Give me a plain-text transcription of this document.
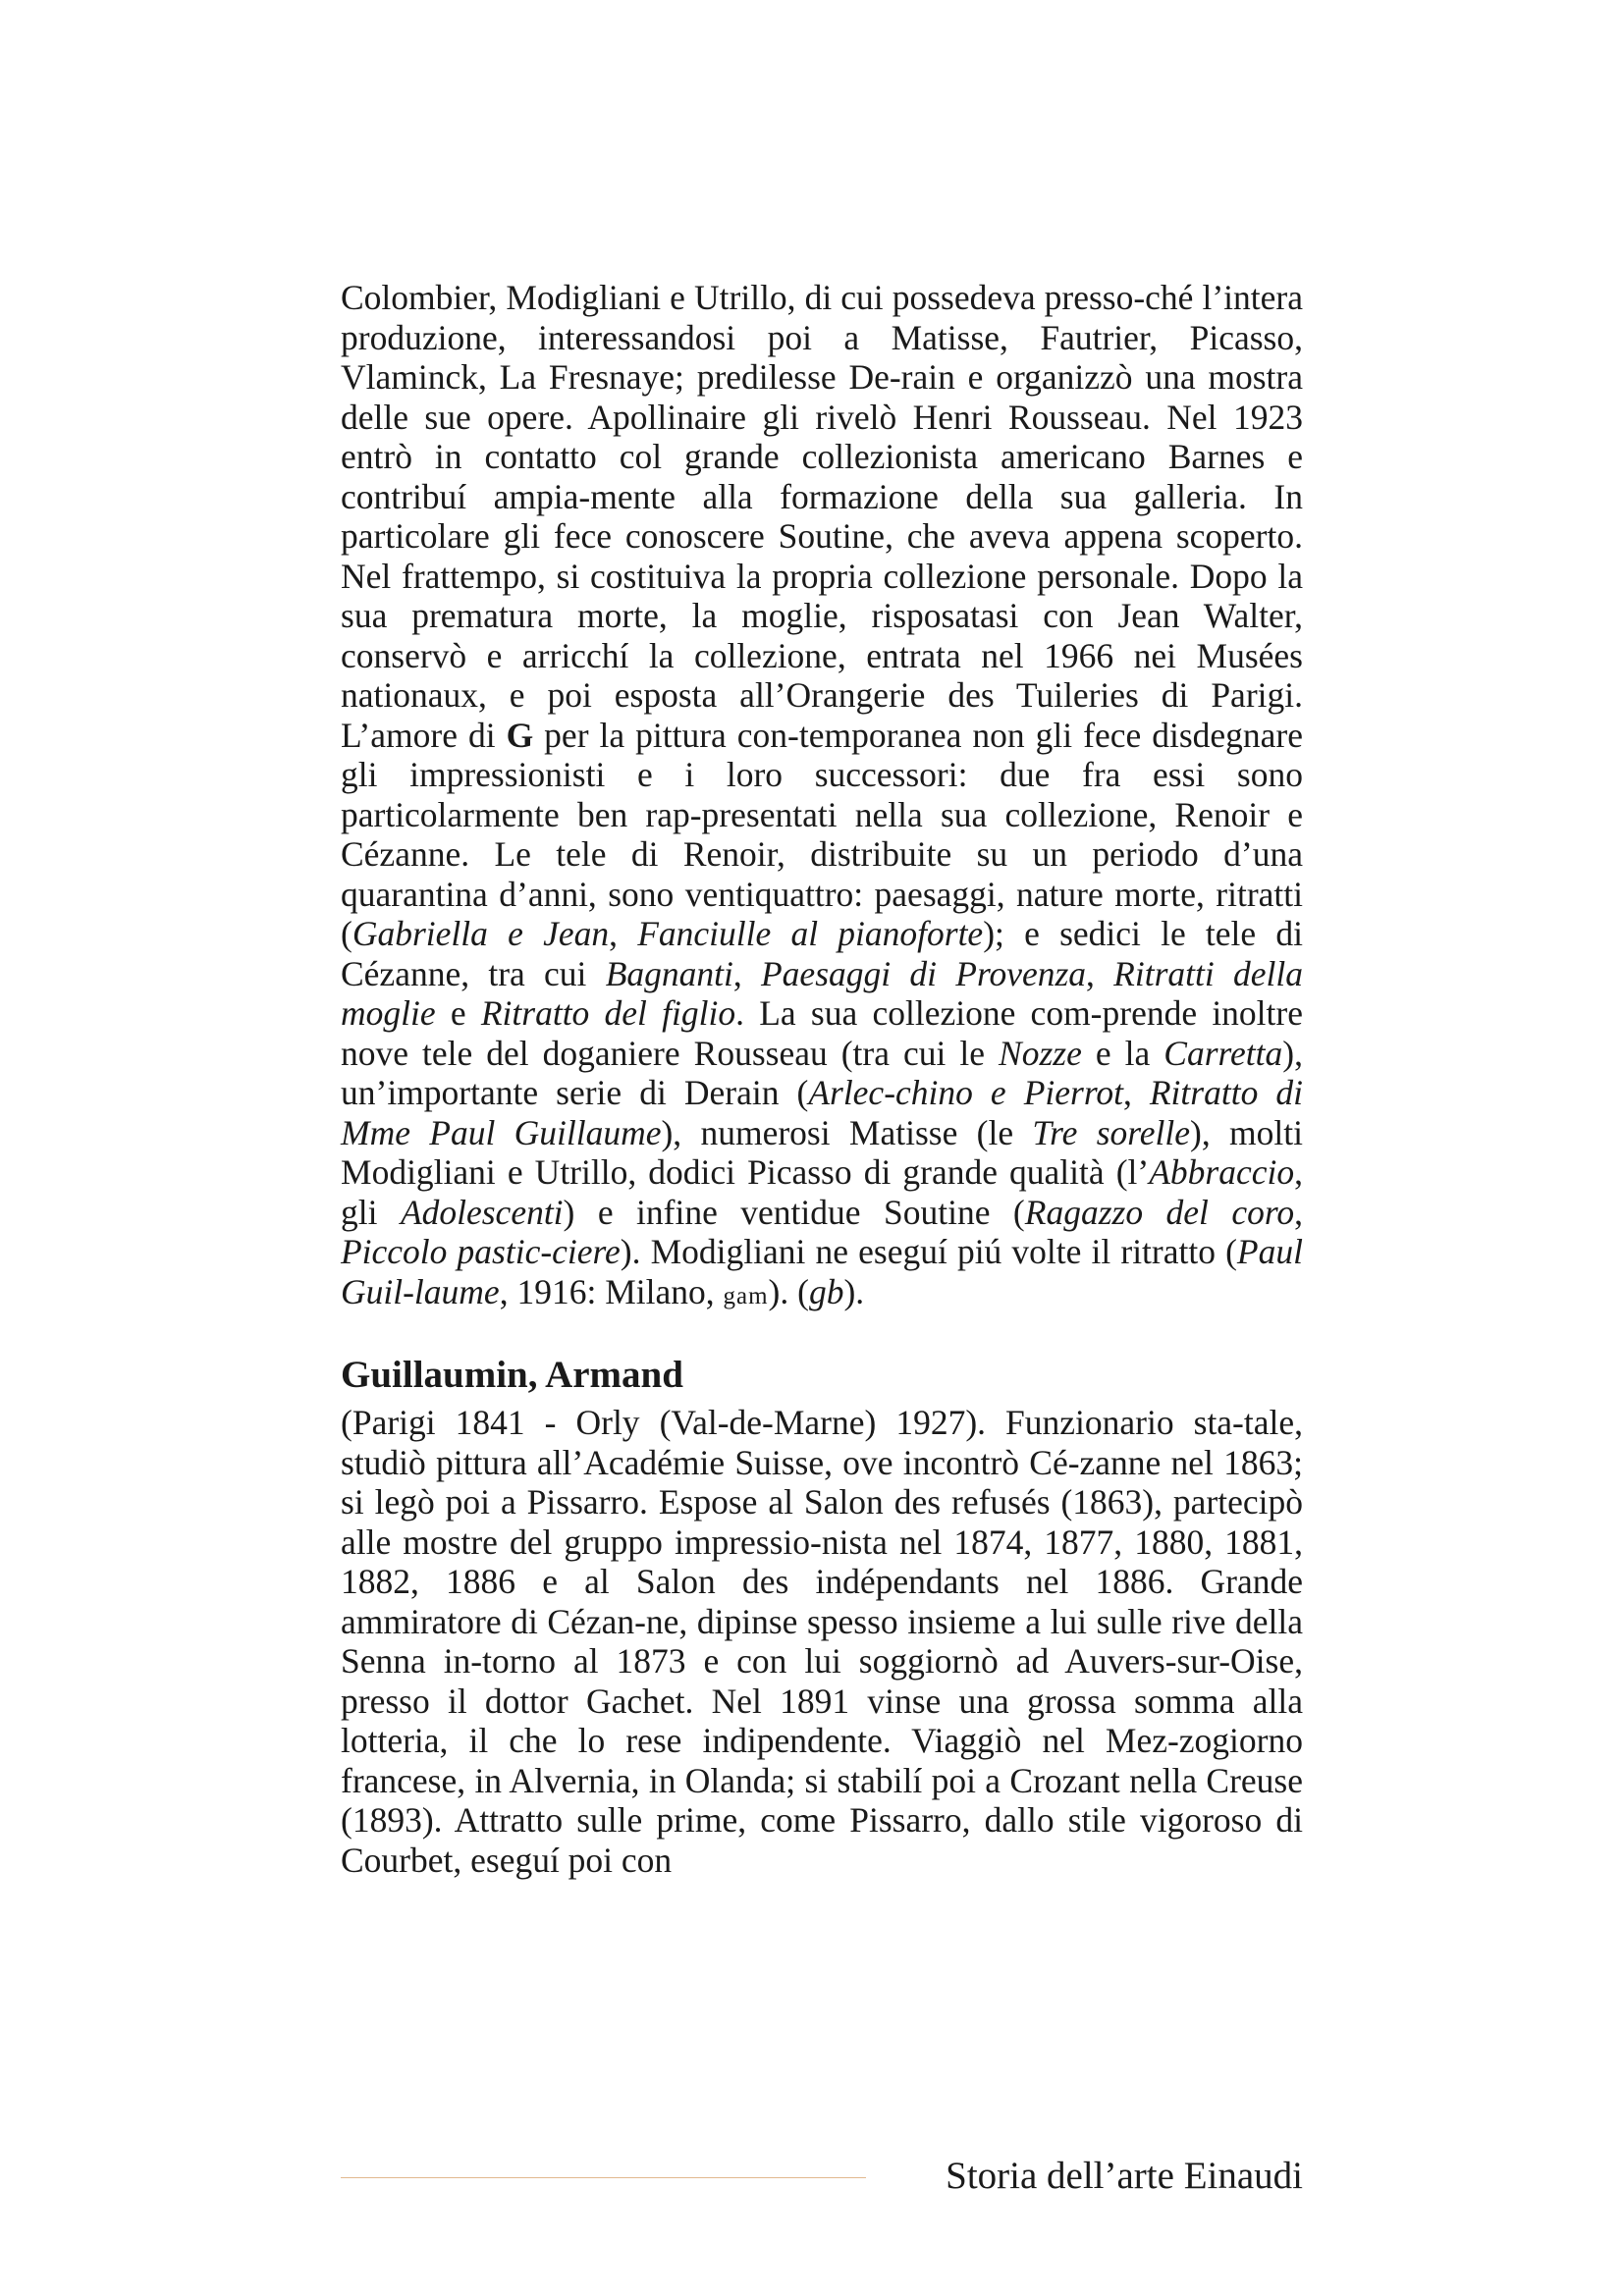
Colombier, Modigliani e Utrillo, di cui possedeva presso-ché l’intera produzione, interessandosi poi a Matisse, Fautrier, Picasso, Vlaminck, La Fresnaye; predilesse De-rain e organizzò una mostra delle sue opere. Apollinaire gli rivelò Henri Rousseau. Nel 1923 entrò in contatto col grande collezionista americano Barnes e contribuí ampia-mente alla formazione della sua galleria. In particolare gli fece conoscere Soutine, che aveva appena scoperto. Nel frattempo, si costituiva la propria collezione personale. Dopo la sua prematura morte, la moglie, risposatasi con Jean Walter, conservò e arricchí la collezione, entrata nel 1966 nei Musées nationaux, e poi esposta all’Orangerie des Tuileries di Parigi. L’amore di G per la pittura con-temporanea non gli fece disdegnare gli impressionisti e i loro successori: due fra essi sono particolarmente ben rap-presentati nella sua collezione, Renoir e Cézanne. Le tele di Renoir, distribuite su un periodo d’una quarantina d’anni, sono ventiquattro: paesaggi, nature morte, ritratti (Gabriella e Jean, Fanciulle al pianoforte); e sedici le tele di Cézanne, tra cui Bagnanti, Paesaggi di Provenza, Ritratti della moglie e Ritratto del figlio. La sua collezione com-prende inoltre nove tele del doganiere Rousseau (tra cui le Nozze e la Carretta), un’importante serie di Derain (Arlec-chino e Pierrot, Ritratto di Mme Paul Guillaume), numerosi Matisse (le Tre sorelle), molti Modigliani e Utrillo, dodici Picasso di grande qualità (l’Abbraccio, gli Adolescenti) e infine ventidue Soutine (Ragazzo del coro, Piccolo pastic-ciere). Modigliani ne eseguí piú volte il ritratto (Paul Guil-laume, 1916: Milano, gam). (gb).

Guillaumin, Armand

(Parigi 1841 - Orly (Val-de-Marne) 1927). Funzionario sta-tale, studiò pittura all’Académie Suisse, ove incontrò Cé-zanne nel 1863; si legò poi a Pissarro. Espose al Salon des refusés (1863), partecipò alle mostre del gruppo impressio-nista nel 1874, 1877, 1880, 1881, 1882, 1886 e al Salon des indépendants nel 1886. Grande ammiratore di Cézan-ne, dipinse spesso insieme a lui sulle rive della Senna in-torno al 1873 e con lui soggiornò ad Auvers-sur-Oise, presso il dottor Gachet. Nel 1891 vinse una grossa somma alla lotteria, il che lo rese indipendente. Viaggiò nel Mez-zogiorno francese, in Alvernia, in Olanda; si stabilí poi a Crozant nella Creuse (1893). Attratto sulle prime, come Pissarro, dallo stile vigoroso di Courbet, eseguí poi con

Storia dell’arte Einaudi
